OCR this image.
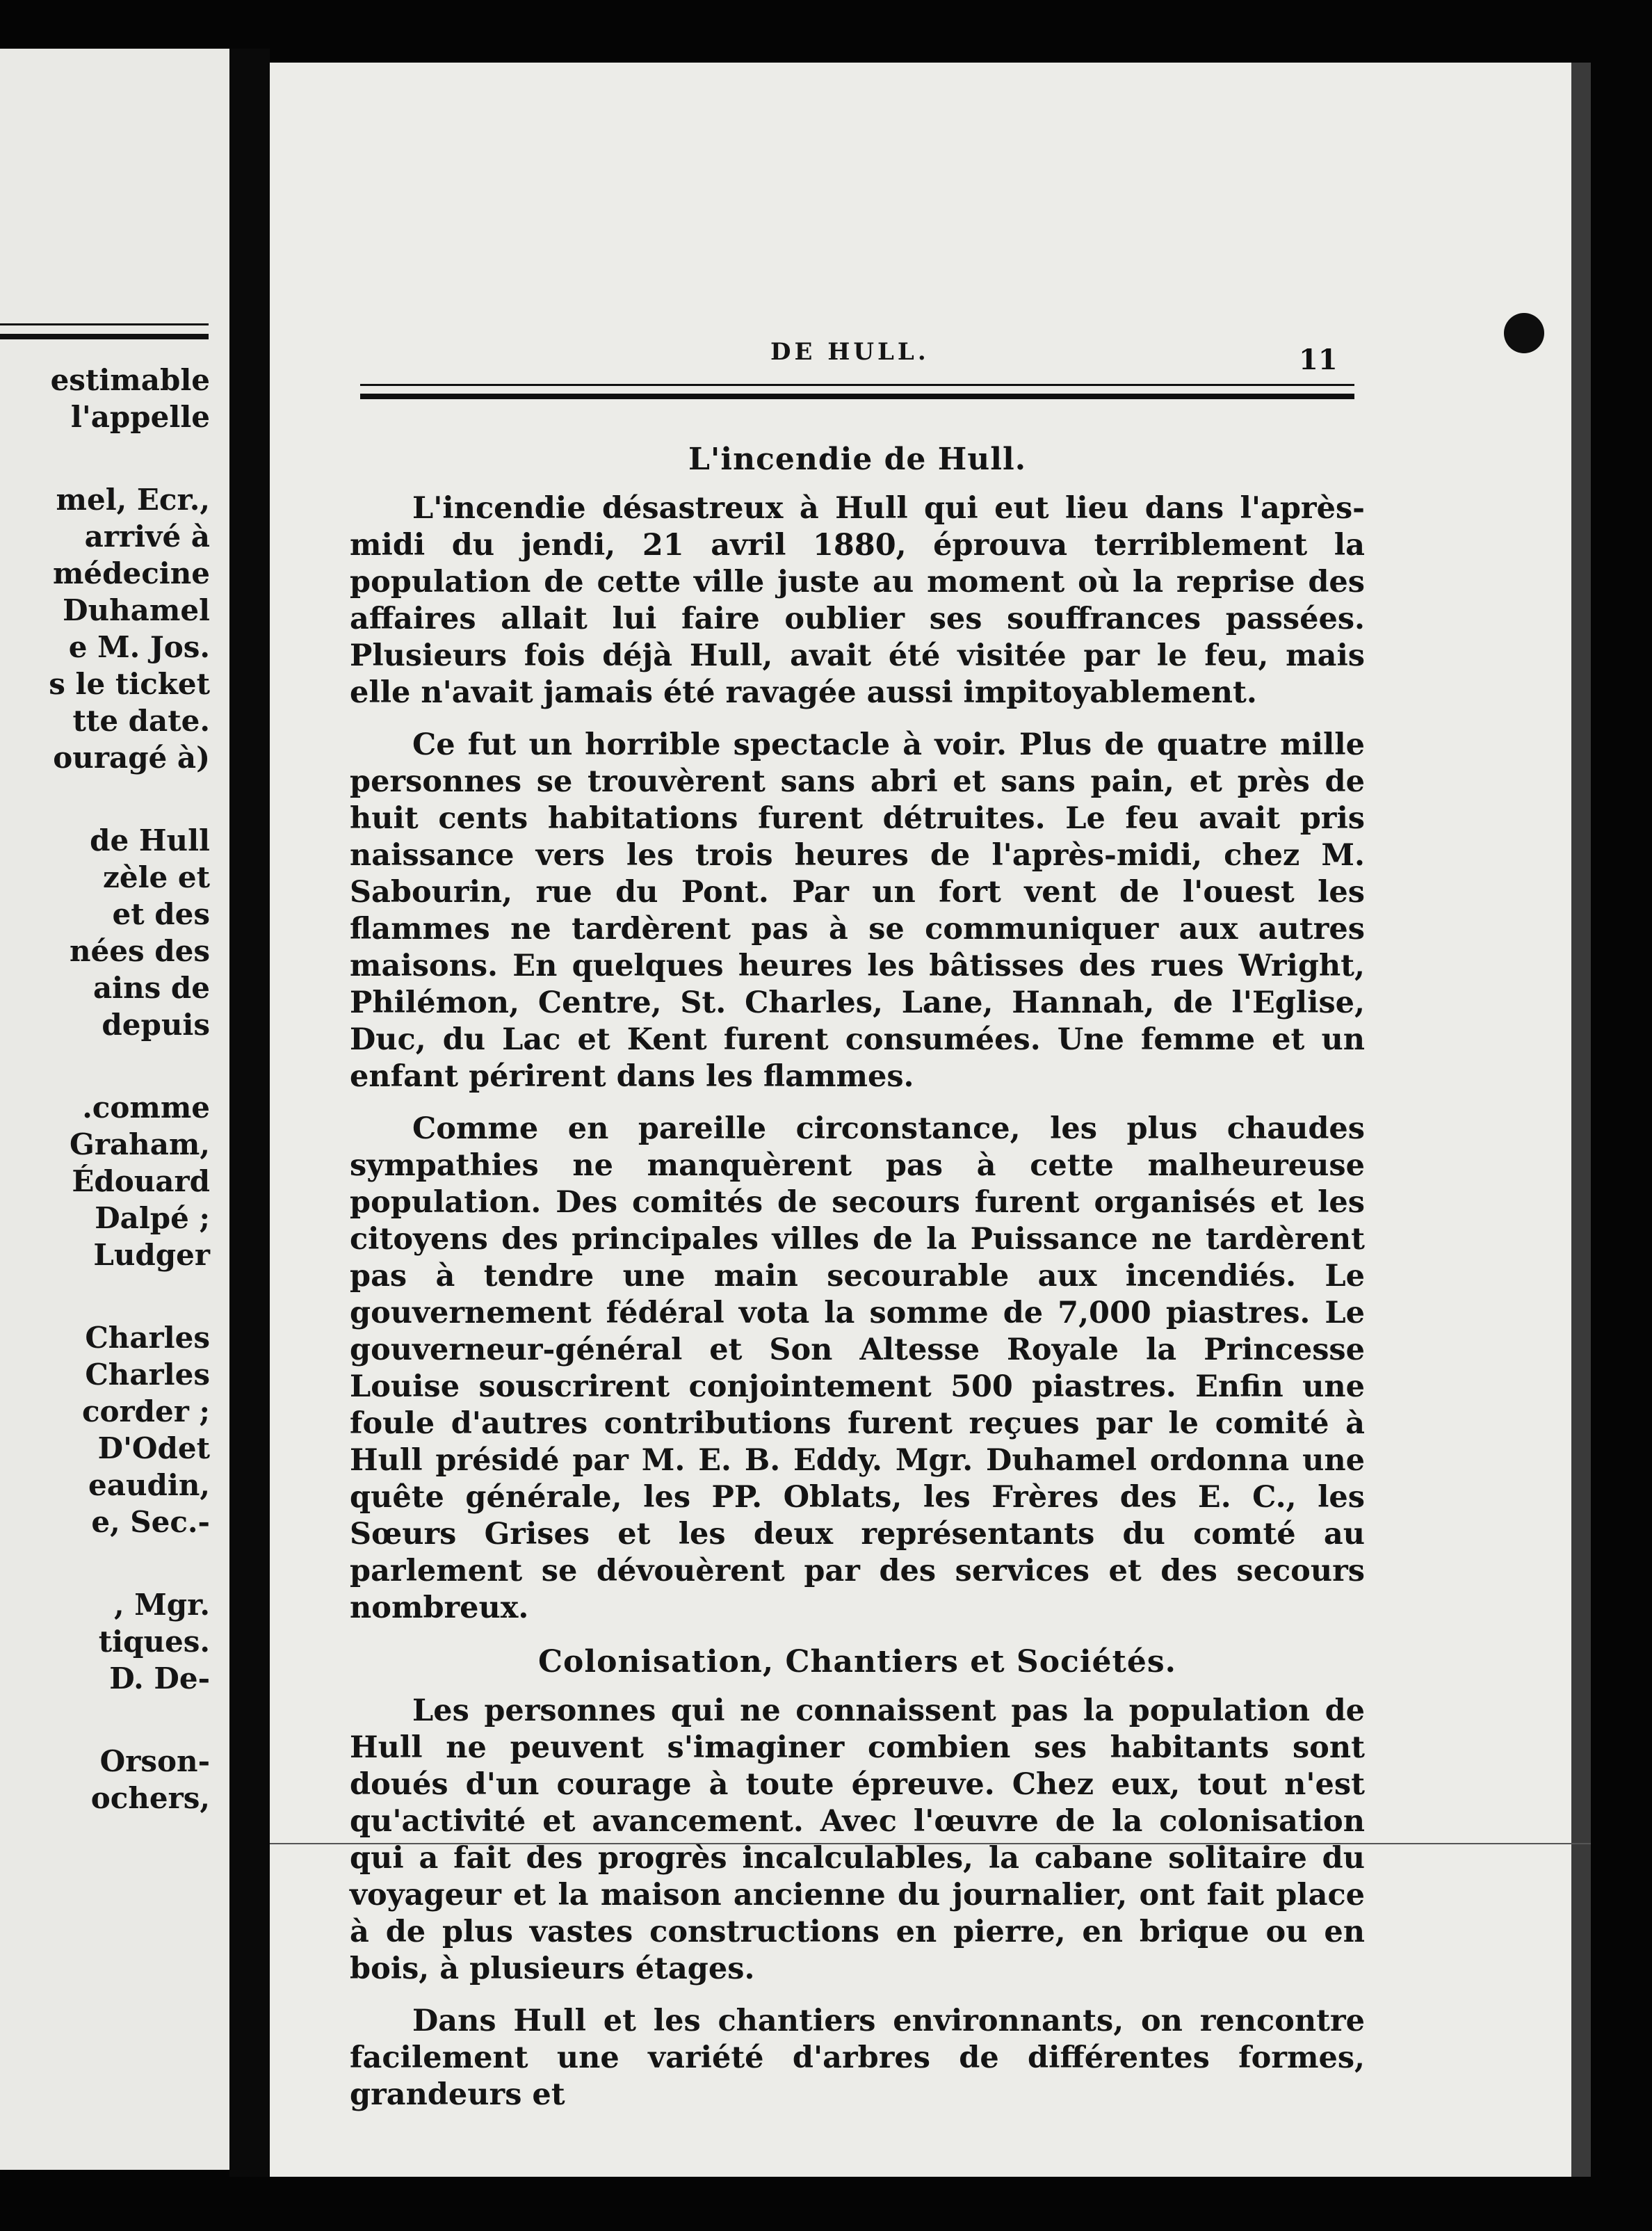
estimable
l'appelle
mel, Ecr.,
arrivé à
médecine
Duhamel
e M. Jos.
s le ticket
tte date.
ouragé à)
de Hull
zèle et
et des
nées des
ains de
depuis
.comme
Graham,
Édouard
Dalpé ;
Ludger
Charles
Charles
corder ;
D'Odet
eaudin,
e, Sec.-
, Mgr.
tiques.
D. De-
Orson-
ochers,
DE HULL.	11
L'incendie de Hull.

L'incendie désastreux à Hull qui eut lieu dans l'après-midi du jendi, 21 avril 1880, éprouva terriblement la population de cette ville juste au moment où la reprise des affaires allait lui faire oublier ses souffrances passées. Plusieurs fois déjà Hull, avait été visitée par le feu, mais elle n'avait jamais été ravagée aussi impitoyablement.

Ce fut un horrible spectacle à voir. Plus de quatre mille personnes se trouvèrent sans abri et sans pain, et près de huit cents habitations furent détruites. Le feu avait pris naissance vers les trois heures de l'après-midi, chez M. Sabourin, rue du Pont. Par un fort vent de l'ouest les flammes ne tardèrent pas à se communiquer aux autres maisons. En quelques heures les bâtisses des rues Wright, Philémon, Centre, St. Charles, Lane, Hannah, de l'Eglise, Duc, du Lac et Kent furent consumées. Une femme et un enfant périrent dans les flammes.

Comme en pareille circonstance, les plus chaudes sympathies ne manquèrent pas à cette malheureuse population. Des comités de secours furent organisés et les citoyens des principales villes de la Puissance ne tardèrent pas à tendre une main secourable aux incendiés. Le gouvernement fédéral vota la somme de 7,000 piastres. Le gouverneur-général et Son Altesse Royale la Princesse Louise souscrirent conjointement 500 piastres. Enfin une foule d'autres contributions furent reçues par le comité à Hull présidé par M. E. B. Eddy. Mgr. Duhamel ordonna une quête générale, les PP. Oblats, les Frères des E. C., les Sœurs Grises et les deux représentants du comté au parlement se dévouèrent par des services et des secours nombreux.

Colonisation, Chantiers et Sociétés.

Les personnes qui ne connaissent pas la population de Hull ne peuvent s'imaginer combien ses habitants sont doués d'un courage à toute épreuve. Chez eux, tout n'est qu'activité et avancement. Avec l'œuvre de la colonisation qui a fait des progrès incalculables, la cabane solitaire du voyageur et la maison ancienne du journalier, ont fait place à de plus vastes constructions en pierre, en brique ou en bois, à plusieurs étages.

Dans Hull et les chantiers environnants, on rencontre facilement une variété d'arbres de différentes formes, grandeurs et
